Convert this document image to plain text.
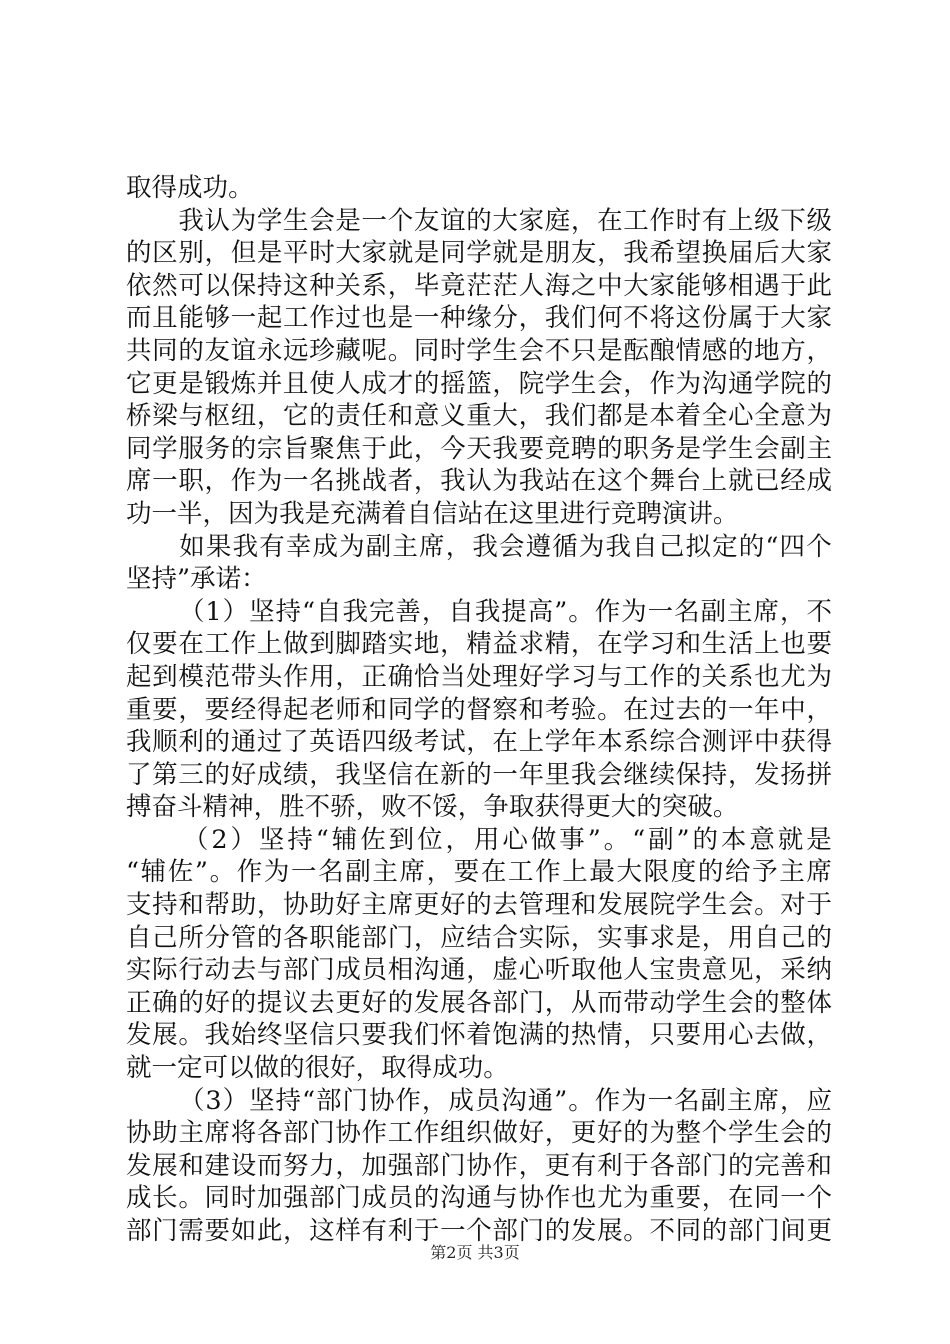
取 得 成 功 。

我 认 为 学 生 会 是 一 个 友 谊 的 大 家 庭 ， 在 工 作 时 有 上 级 下 级
的 区 别 ， 但 是 平 时 大 家 就 是 同 学 就 是 朋 友 ， 我 希 望 换 届 后 大 家
依 然 可 以 保 持 这 种 关 系 ， 毕 竟 茫 茫 人 海 之 中 大 家 能 够 相 遇 于 此
而 且 能 够 一 起 工 作 过 也 是 一 种 缘 分 ， 我 们 何 不 将 这 份 属 于 大 家
共 同 的 友 谊 永 远 珍 藏 呢 。 同 时 学 生 会 不 只 是 酝 酿 情 感 的 地 方 ，
它 更 是 锻 炼 并 且 使 人 成 才 的 摇 篮 ， 院 学 生 会 ， 作 为 沟 通 学 院 的
桥 梁 与 枢 纽 ， 它 的 责 任 和 意 义 重 大 ， 我 们 都 是 本 着 全 心 全 意 为
同 学 服 务 的 宗 旨 聚 焦 于 此 ， 今 天 我 要 竞 聘 的 职 务 是 学 生 会 副 主
席 一 职 ， 作 为 一 名 挑 战 者 ， 我 认 为 我 站 在 这 个 舞 台 上 就 已 经 成
功 一 半 ， 因 为 我 是 充 满 着 自 信 站 在 这 里 进 行 竞 聘 演 讲 。

如 果 我 有 幸 成 为 副 主 席 ， 我 会 遵 循 为 我 自 己 拟 定 的 “ 四 个
坚 持 ” 承 诺 ：

（ 1 ） 坚 持 “ 自 我 完 善 ， 自 我 提 高 ” 。 作 为 一 名 副 主 席 ， 不
仅 要 在 工 作 上 做 到 脚 踏 实 地 ， 精 益 求 精 ， 在 学 习 和 生 活 上 也 要
起 到 模 范 带 头 作 用 ， 正 确 恰 当 处 理 好 学 习 与 工 作 的 关 系 也 尤 为
重 要 ， 要 经 得 起 老 师 和 同 学 的 督 察 和 考 验 。 在 过 去 的 一 年 中 ，
我 顺 利 的 通 过 了 英 语 四 级 考 试 ， 在 上 学 年 本 系 综 合 测 评 中 获 得
了 第 三 的 好 成 绩 ， 我 坚 信 在 新 的 一 年 里 我 会 继 续 保 持 ， 发 扬 拼
搏 奋 斗 精 神 ， 胜 不 骄 ， 败 不 馁 ， 争 取 获 得 更 大 的 突 破 。

（ 2 ） 坚 持 “ 辅 佐 到 位 ， 用 心 做 事 ” 。 “ 副 ” 的 本 意 就 是
“ 辅 佐 ” 。 作 为 一 名 副 主 席 ， 要 在 工 作 上 最 大 限 度 的 给 予 主 席
支 持 和 帮 助 ， 协 助 好 主 席 更 好 的 去 管 理 和 发 展 院 学 生 会 。 对 于
自 己 所 分 管 的 各 职 能 部 门 ， 应 结 合 实 际 ， 实 事 求 是 ， 用 自 己 的
实 际 行 动 去 与 部 门 成 员 相 沟 通 ， 虚 心 听 取 他 人 宝 贵 意 见 ， 采 纳
正 确 的 好 的 提 议 去 更 好 的 发 展 各 部 门 ， 从 而 带 动 学 生 会 的 整 体
发 展 。 我 始 终 坚 信 只 要 我 们 怀 着 饱 满 的 热 情 ， 只 要 用 心 去 做 ，
就 一 定 可 以 做 的 很 好 ， 取 得 成 功 。

（ 3 ） 坚 持 “ 部 门 协 作 ， 成 员 沟 通 ” 。 作 为 一 名 副 主 席 ， 应
协 助 主 席 将 各 部 门 协 作 工 作 组 织 做 好 ， 更 好 的 为 整 个 学 生 会 的
发 展 和 建 设 而 努 力 ， 加 强 部 门 协 作 ， 更 有 利 于 各 部 门 的 完 善 和
成 长 。 同 时 加 强 部 门 成 员 的 沟 通 与 协 作 也 尤 为 重 要 ， 在 同 一 个
部 门 需 要 如 此 ， 这 样 有 利 于 一 个 部 门 的 发 展 。 不 同 的 部 门 间 更
第2页 共3页
